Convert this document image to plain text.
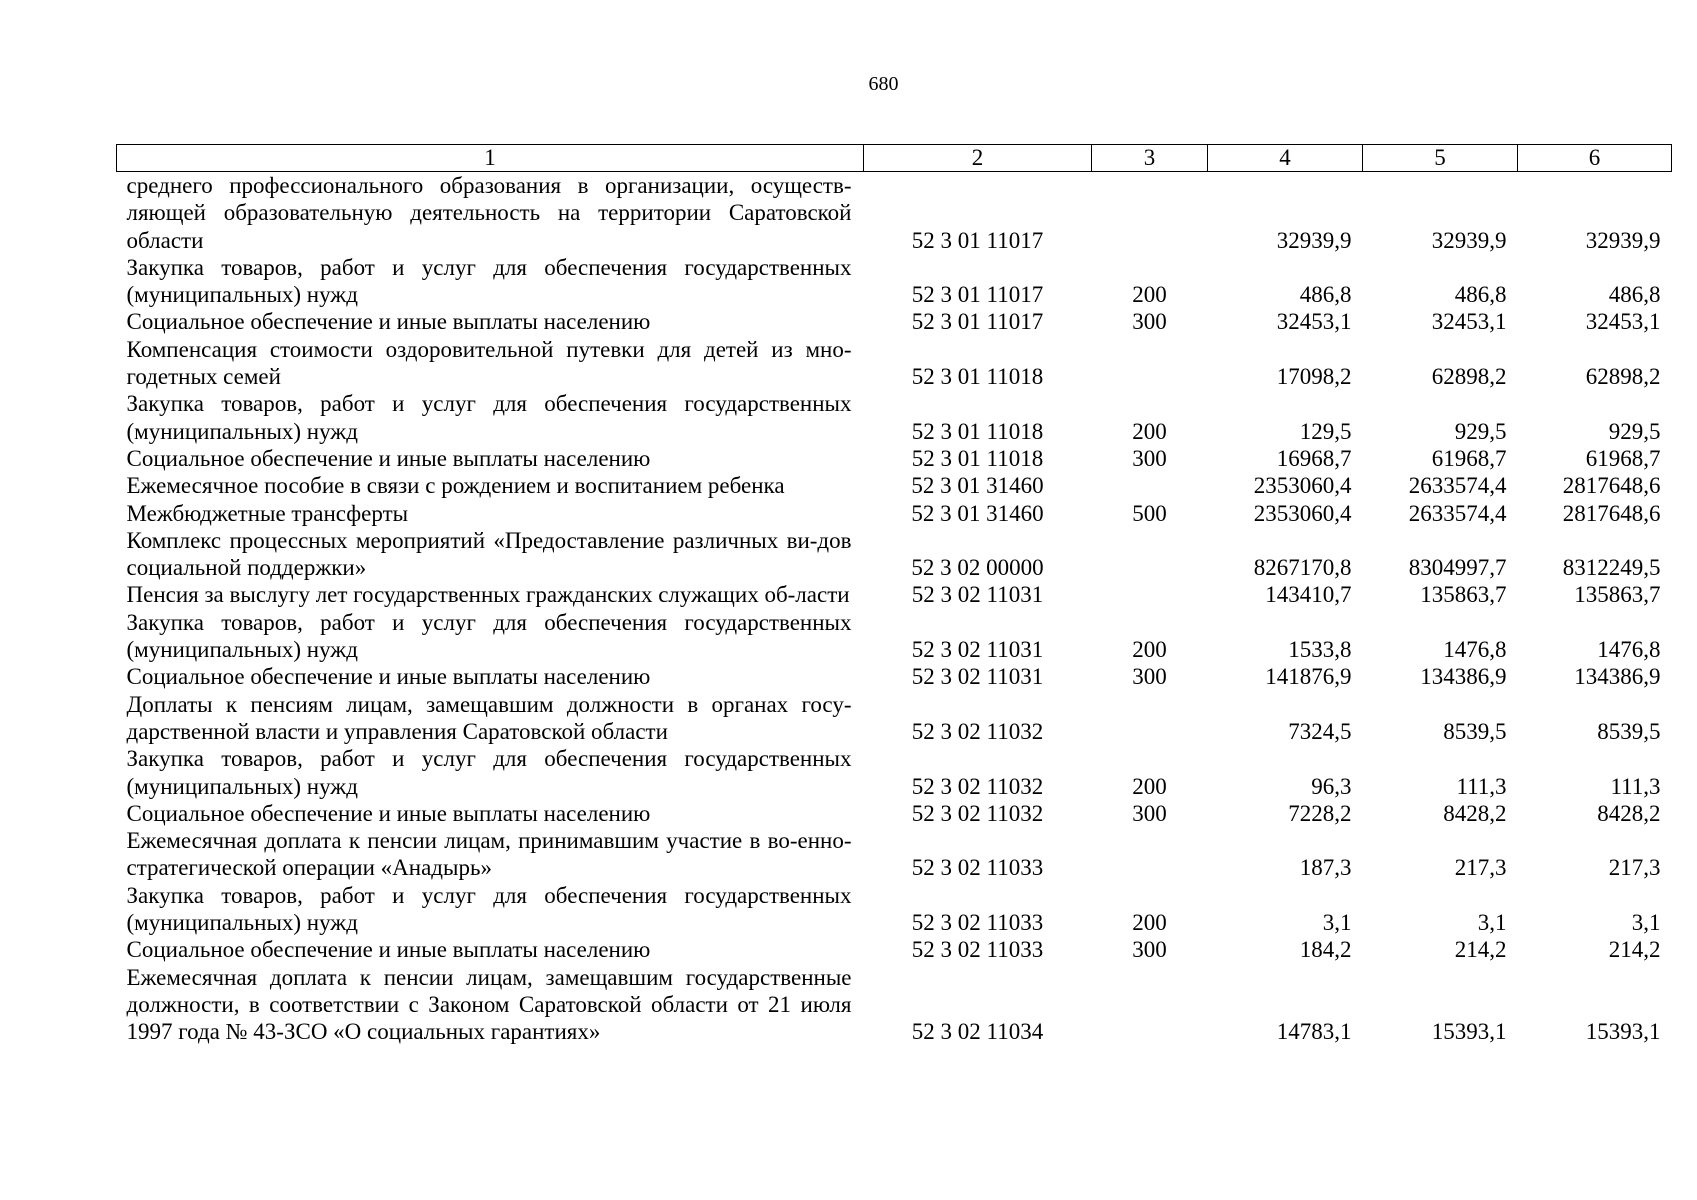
680
1	2	3	4	5	6
среднего профессионального образования в организации, осуществ-ляющей образовательную деятельность на территории Саратовской области	52 3 01 11017		32939,9	32939,9	32939,9
Закупка товаров, работ и услуг для обеспечения государственных (муниципальных) нужд	52 3 01 11017	200	486,8	486,8	486,8
Социальное обеспечение и иные выплаты населению	52 3 01 11017	300	32453,1	32453,1	32453,1
Компенсация стоимости оздоровительной путевки для детей из мно-годетных семей	52 3 01 11018		17098,2	62898,2	62898,2
Закупка товаров, работ и услуг для обеспечения государственных (муниципальных) нужд	52 3 01 11018	200	129,5	929,5	929,5
Социальное обеспечение и иные выплаты населению	52 3 01 11018	300	16968,7	61968,7	61968,7
Ежемесячное пособие в связи с рождением и воспитанием ребенка	52 3 01 31460		2353060,4	2633574,4	2817648,6
Межбюджетные трансферты	52 3 01 31460	500	2353060,4	2633574,4	2817648,6
Комплекс процессных мероприятий «Предоставление различных ви-дов социальной поддержки»	52 3 02 00000		8267170,8	8304997,7	8312249,5
Пенсия за выслугу лет государственных гражданских служащих об-ласти	52 3 02 11031		143410,7	135863,7	135863,7
Закупка товаров, работ и услуг для обеспечения государственных (муниципальных) нужд	52 3 02 11031	200	1533,8	1476,8	1476,8
Социальное обеспечение и иные выплаты населению	52 3 02 11031	300	141876,9	134386,9	134386,9
Доплаты к пенсиям лицам, замещавшим должности в органах госу-дарственной власти и управления Саратовской области	52 3 02 11032		7324,5	8539,5	8539,5
Закупка товаров, работ и услуг для обеспечения государственных (муниципальных) нужд	52 3 02 11032	200	96,3	111,3	111,3
Социальное обеспечение и иные выплаты населению	52 3 02 11032	300	7228,2	8428,2	8428,2
Ежемесячная доплата к пенсии лицам, принимавшим участие в во-енно-стратегической операции «Анадырь»	52 3 02 11033		187,3	217,3	217,3
Закупка товаров, работ и услуг для обеспечения государственных (муниципальных) нужд	52 3 02 11033	200	3,1	3,1	3,1
Социальное обеспечение и иные выплаты населению	52 3 02 11033	300	184,2	214,2	214,2
Ежемесячная доплата к пенсии лицам, замещавшим государственные должности, в соответствии с Законом Саратовской области от 21 июля 1997 года № 43-ЗСО «О социальных гарантиях»	52 3 02 11034		14783,1	15393,1	15393,1
